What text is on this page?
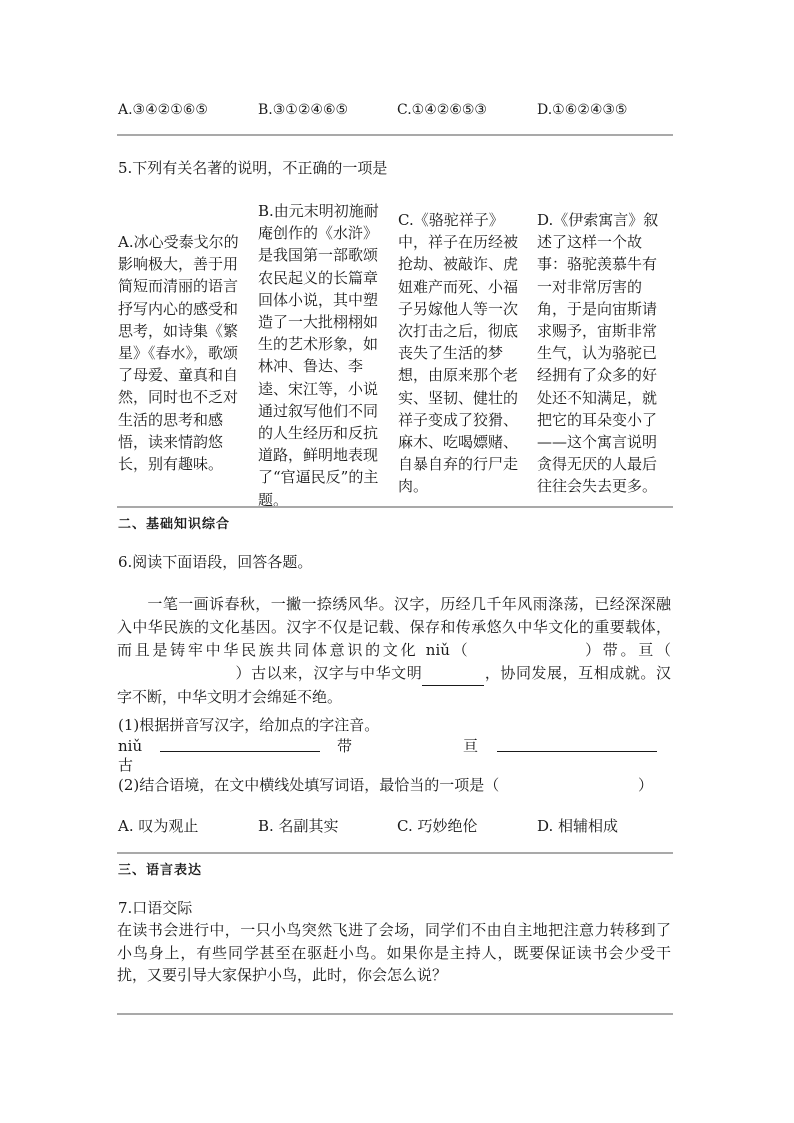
A.③④②①⑥⑤	B.③①②④⑥⑤	C.①④②⑥⑤③	D.①⑥②④③⑤
5.下列有关名著的说明，不正确的一项是
A.冰心受泰戈尔的影响极大，善于用简短而清丽的语言抒写内心的感受和思考，如诗集《繁星》《春水》，歌颂了母爱、童真和自然，同时也不乏对生活的思考和感悟，读来情韵悠长，别有趣味。
B.由元末明初施耐庵创作的《水浒》是我国第一部歌颂农民起义的长篇章回体小说，其中塑造了一大批栩栩如生的艺术形象，如林冲、鲁达、李逵、宋江等，小说通过叙写他们不同的人生经历和反抗道路，鲜明地表现了“官逼民反”的主题。
C.《骆驼祥子》中，祥子在历经被抢劫、被敲诈、虎妞难产而死、小福子另嫁他人等一次次打击之后，彻底丧失了生活的梦想，由原来那个老实、坚韧、健壮的祥子变成了狡猾、麻木、吃喝嫖赌、自暴自弃的行尸走肉。
D.《伊索寓言》叙述了这样一个故事：骆驼羡慕牛有一对非常厉害的角，于是向宙斯请求赐予，宙斯非常生气，认为骆驼已经拥有了众多的好处还不知满足，就把它的耳朵变小了——这个寓言说明贪得无厌的人最后往往会失去更多。
二、基础知识综合
6.阅读下面语段，回答各题。
一笔一画诉春秋，一撇一捺绣风华。汉字，历经几千年风雨涤荡，已经深深融入中华民族的文化基因。汉字不仅是记载、保存和传承悠久中华文化的重要载体，而且是铸牢中华民族共同体意识的文化 niǔ（	）带。亘（）古以来，汉字与中华文明	，协同发展，互相成就。汉字不断，中华文明才会绵延不绝。
(1)根据拼音写汉字，给加点的字注音。
niǔ	带	亘
古
(2)结合语境，在文中横线处填写词语，最恰当的一项是（	）
A. 叹为观止	B. 名副其实	C. 巧妙绝伦	D. 相辅相成
三、语言表达
7.口语交际
在读书会进行中，一只小鸟突然飞进了会场，同学们不由自主地把注意力转移到了小鸟身上，有些同学甚至在驱赶小鸟。如果你是主持人，既要保证读书会少受干扰，又要引导大家保护小鸟，此时，你会怎么说？
